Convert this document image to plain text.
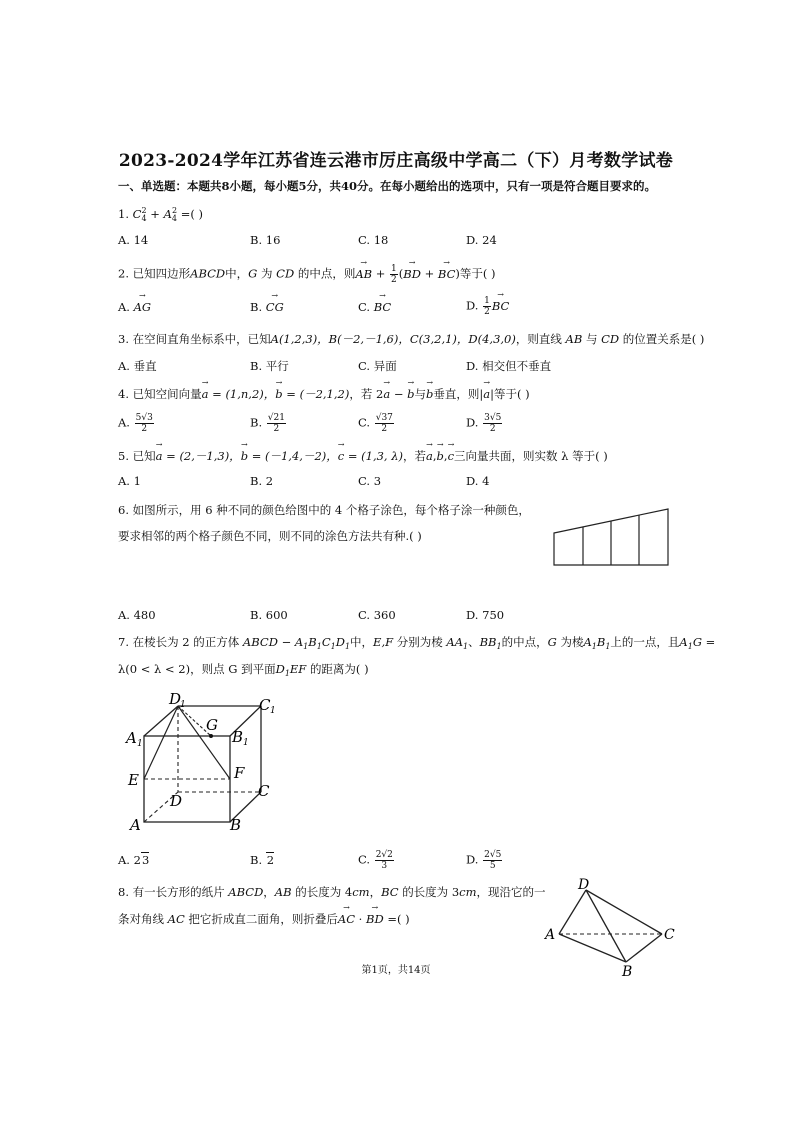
2023-2024学年江苏省连云港市厉庄高级中学高二（下）月考数学试卷
一、单选题：本题共8小题，每小题5分，共40分。在每小题给出的选项中，只有一项是符合题目要求的。
1. $C_4^2 + A_4^2$ =( )
A. 14	B. 16	C. 18	D. 24
2. 已知四边形ABCD中，G 为 CD 的中点，则→ AB + $\frac{1}{2}$ (→ BD + → BC)等于( )
A. → AG	B. → CG	C. → BC	D. $\frac{1}{2}$
→ BC
3. 在空间直角坐标系中，已知A(1,2,3)，B(－2,－1,6)，C(3,2,1)，D(4,3,0)，则直线 AB 与 CD 的位置关系是( )
A. 垂直	B. 平行	C. 异面	D. 相交但不垂直
4. 已知空间向量→ a = (1,n,2)，→ b = (－2,1,2)，若 2→ a − → b与→ b垂直，则|→ a|等于( )
A. $\frac{5√3}{2}$	B. $\frac{√21}{2}$	C. $\frac{√37}{2}$	D. $\frac{3√5}{2}$
5. 已知→ a = (2,－1,3)，→ b = (－1,4,－2)，→ c = (1,3, λ)，若→ a,→ b,→ c三向量共面，则实数 λ 等于( )
A. 1	B. 2	C. 3	D. 4
6. 如图所示，用 6 种不同的颜色给图中的 4 个格子涂色，每个格子涂一种颜色，
要求相邻的两个格子颜色不同，则不同的涂色方法共有种.( )
A. 480	B. 600	C. 360	D. 750
7. 在棱长为 2 的正方体 ABCD − $A_1B_1C_1D_1$中，E,F 分别为棱 $AA_1$、$BB_1$的中点，G 为棱$A_1B_1$上的一点，且$A_1G$ =
λ(0 < λ < 2)，则点 G 到平面$D_1EF$ 的距离为( )
D
1	C 1
A 1	B 1
G
E	F
D
C
A	B
A. 23	B. 2	C. $\frac{2√2}{3}$	D. $\frac{2√5}{5}$
8. 有一长方形的纸片 ABCD，AB 的长度为 4cm，BC 的长度为 3cm，现沿它的一
条对角线 AC 把它折成直二面角，则折叠后→ AC · → BD =( )
D
A	C
B
第1页，共14页
